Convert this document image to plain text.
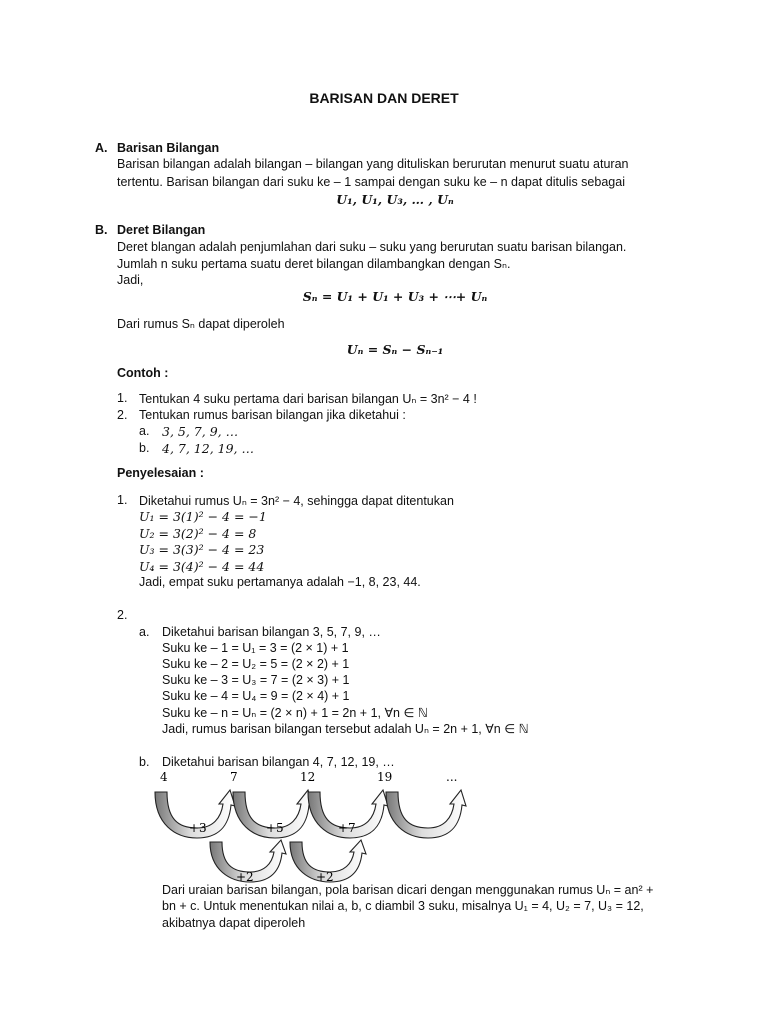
BARISAN DAN DERET
A. Barisan Bilangan
Barisan bilangan adalah bilangan – bilangan yang dituliskan berurutan menurut suatu aturan
tertentu. Barisan bilangan dari suku ke – 1 sampai dengan suku ke – n dapat ditulis sebagai
U₁, U₁, U₃, … , Uₙ
B. Deret Bilangan
Deret blangan adalah penjumlahan dari suku – suku yang berurutan suatu barisan bilangan.
Jumlah n suku pertama suatu deret bilangan dilambangkan dengan Sₙ.
Jadi,
Sₙ = U₁ + U₁ + U₃ + ⋯+ Uₙ
Dari rumus Sₙ dapat diperoleh
Uₙ = Sₙ − Sₙ₋₁
Contoh :
1. Tentukan 4 suku pertama dari barisan bilangan Uₙ = 3n² − 4 !
2. Tentukan rumus barisan bilangan jika diketahui :
a. 3, 5, 7, 9, …
b. 4, 7, 12, 19, …
Penyelesaian :
1. Diketahui rumus Uₙ = 3n² − 4, sehingga dapat ditentukan
U₁ = 3(1)² − 4 = −1
U₂ = 3(2)² − 4 = 8
U₃ = 3(3)² − 4 = 23
U₄ = 3(4)² − 4 = 44
Jadi, empat suku pertamanya adalah −1, 8, 23, 44.
2.
a. Diketahui barisan bilangan 3, 5, 7, 9, …
Suku ke – 1 = U₁ = 3 = (2 × 1) + 1
Suku ke – 2 = U₂ = 5 = (2 × 2) + 1
Suku ke – 3 = U₃ = 7 = (2 × 3) + 1
Suku ke – 4 = U₄ = 9 = (2 × 4) + 1
Suku ke – n = Uₙ = (2 × n) + 1 = 2n + 1, ∀n ∈ ℕ
Jadi, rumus barisan bilangan tersebut adalah Uₙ = 2n + 1, ∀n ∈ ℕ
b. Diketahui barisan bilangan 4, 7, 12, 19, …
4	7	12	19	...
+3	+5	+7
+2	+2
Dari uraian barisan bilangan, pola barisan dicari dengan menggunakan rumus Uₙ = an² +
bn + c. Untuk menentukan nilai a, b, c diambil 3 suku, misalnya U₁ = 4, U₂ = 7, U₃ = 12,
akibatnya dapat diperoleh
